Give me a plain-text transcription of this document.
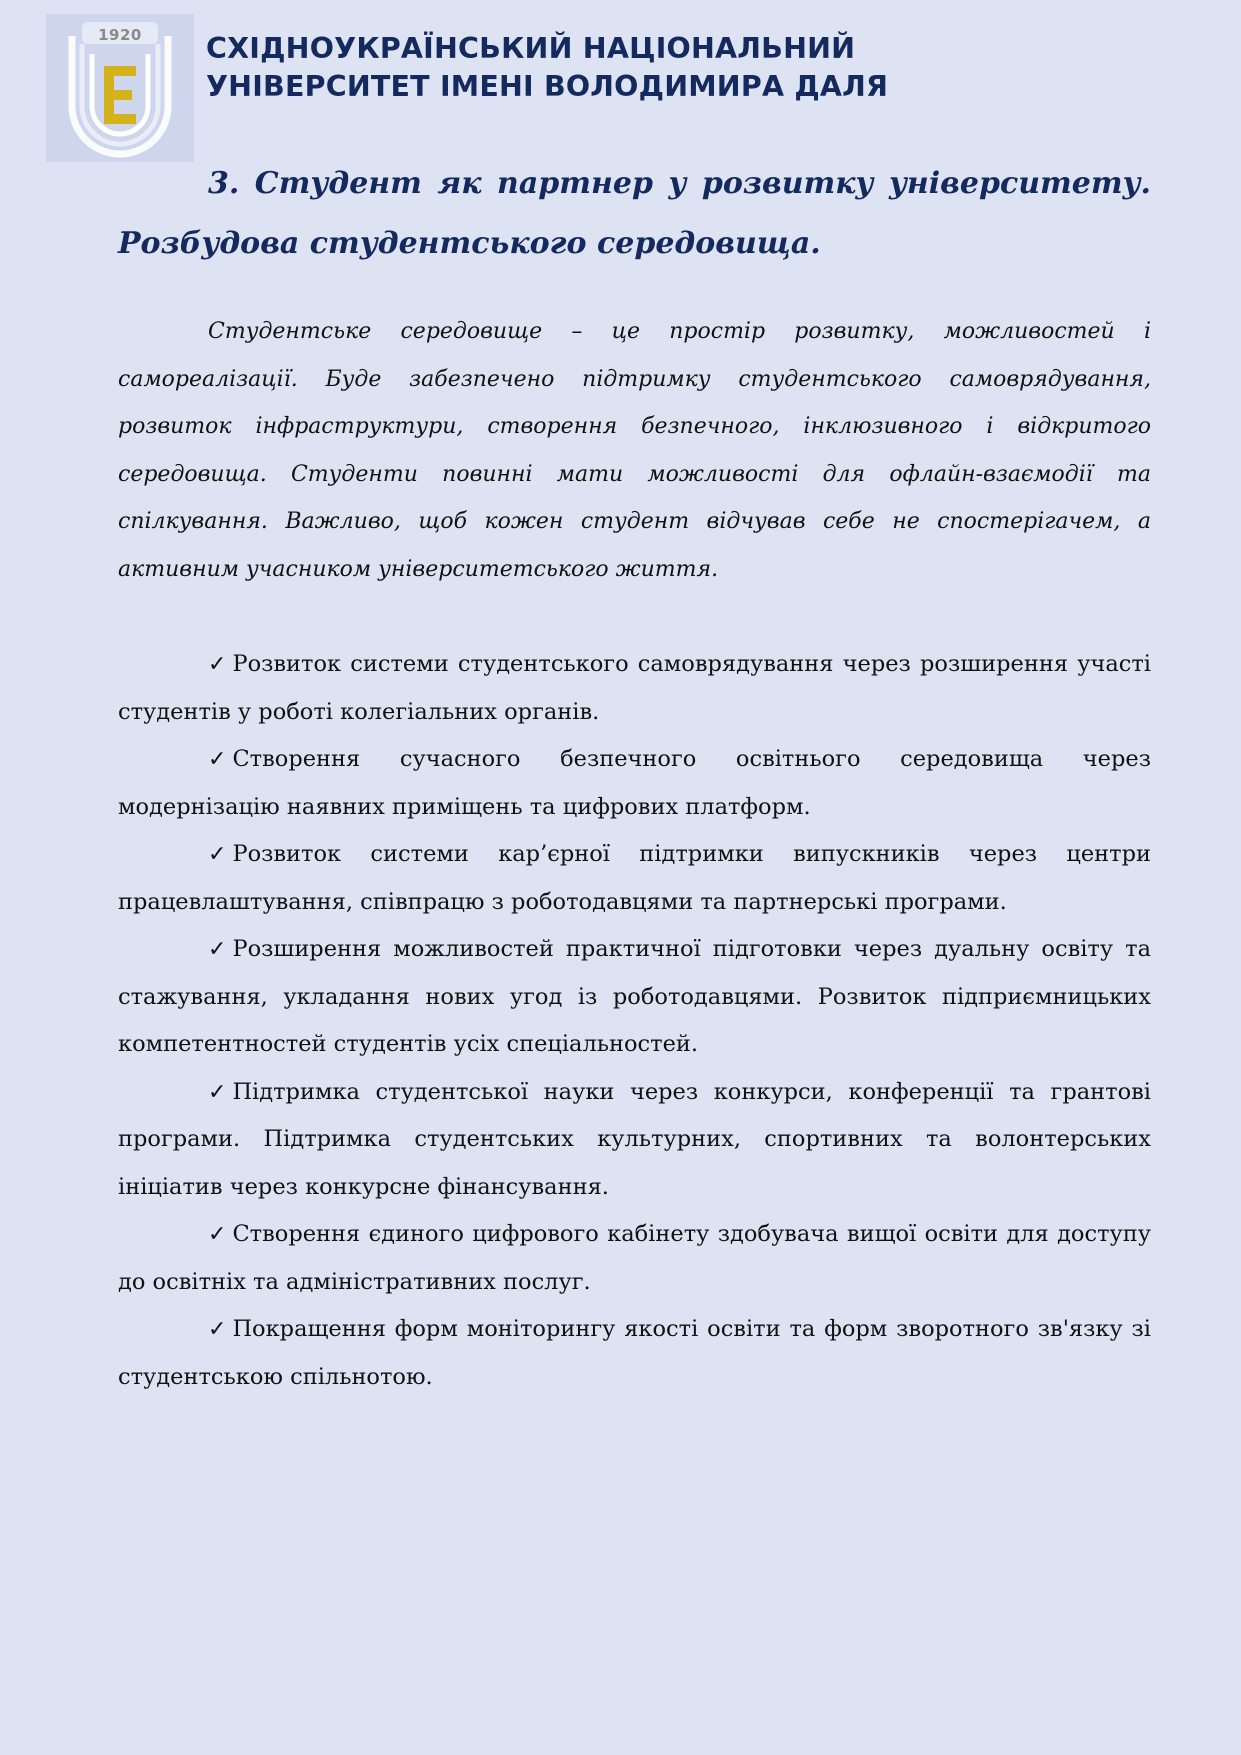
1920	СХІДНОУКРАЇНСЬКИЙ НАЦІОНАЛЬНИЙ
УНІВЕРСИТЕТ ІМЕНІ ВОЛОДИМИРА ДАЛЯ
3. Студент як партнер у розвитку університету. Розбудова студентського середовища.

Студентське середовище – це простір розвитку, можливостей і самореалізації. Буде забезпечено підтримку студентського самоврядування, розвиток інфраструктури, створення безпечного, інклюзивного і відкритого середовища. Студенти повинні мати можливості для офлайн-взаємодії та спілкування. Важливо, щоб кожен студент відчував себе не спостерігачем, а активним учасником університетського життя.

✓ Розвиток системи студентського самоврядування через розширення участі студентів у роботі колегіальних органів.
✓ Створення сучасного безпечного освітнього середовища через модернізацію наявних приміщень та цифрових платформ.
✓ Розвиток системи кар’єрної підтримки випускників через центри працевлаштування, співпрацю з роботодавцями та партнерські програми.
✓ Розширення можливостей практичної підготовки через дуальну освіту та стажування, укладання нових угод із роботодавцями. Розвиток підприємницьких компетентностей студентів усіх спеціальностей.
✓ Підтримка студентської науки через конкурси, конференції та грантові програми. Підтримка студентських культурних, спортивних та волонтерських ініціатив через конкурсне фінансування.
✓ Створення єдиного цифрового кабінету здобувача вищої освіти для доступу до освітніх та адміністративних послуг.
✓ Покращення форм моніторингу якості освіти та форм зворотного зв'язку зі студентською спільнотою.
